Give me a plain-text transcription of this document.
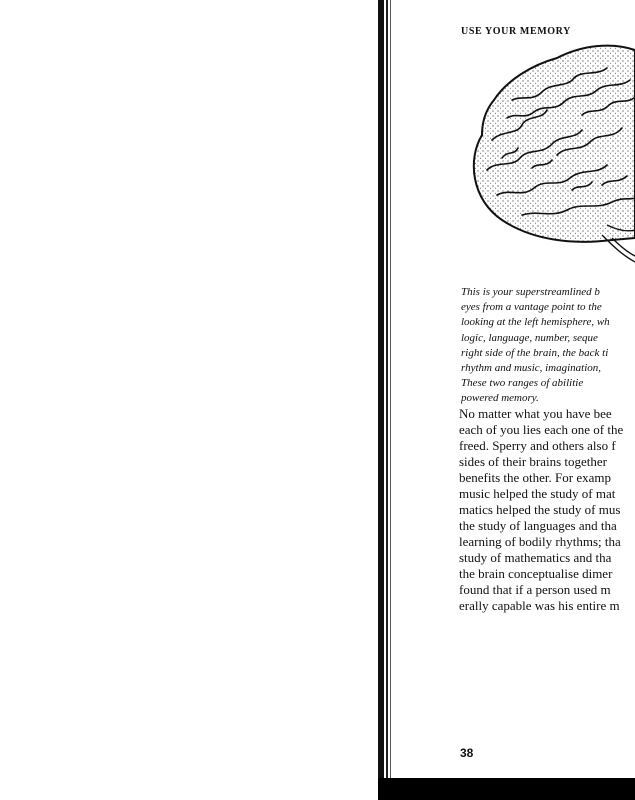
USE YOUR MEMORY
This is your superstreamlined b
eyes from a vantage point to the
looking at the left hemisphere, wh
logic, language, number, seque
right side of the brain, the back ti
rhythm and music, imagination,
These two ranges of abilitie
powered memory.
No matter what you have bee
each of you lies each one of the
freed. Sperry and others also f
sides of their brains together
benefits the other. For examp
music helped the study of mat
matics helped the study of mus
the study of languages and tha
learning of bodily rhythms; tha
study of mathematics and tha
the brain conceptualise dimer
found that if a person used m
erally capable was his entire m
38
